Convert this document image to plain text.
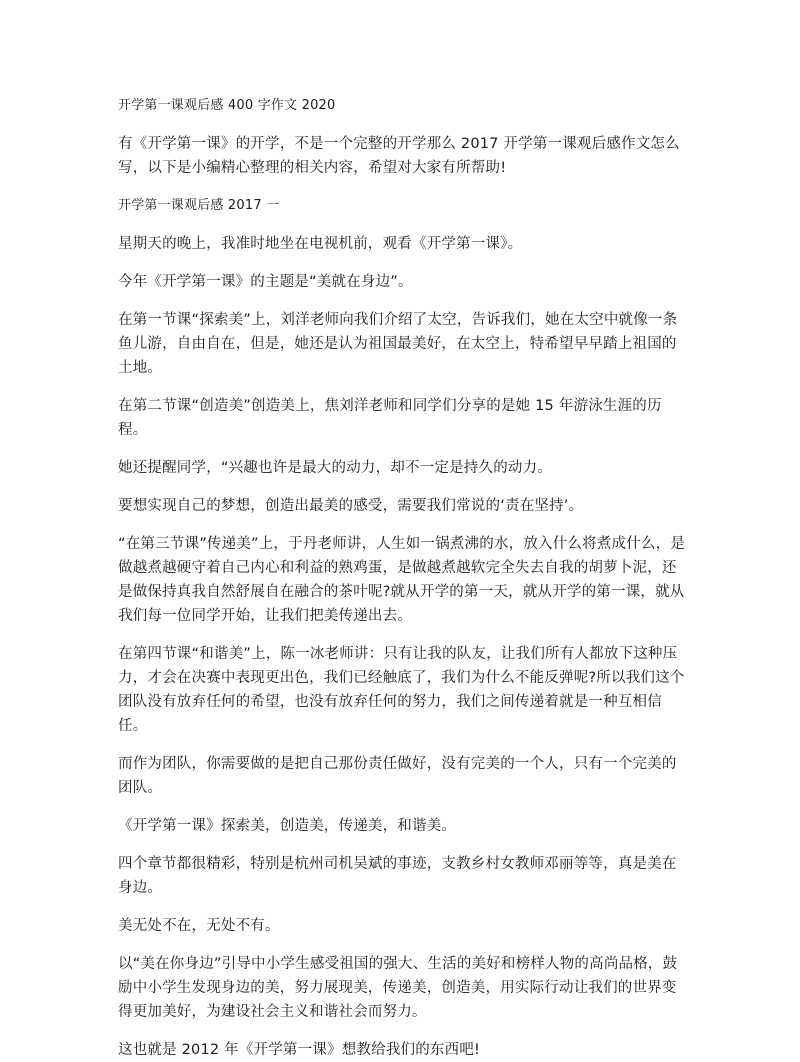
开学第一课观后感 400 字作文 2020

有《开学第一课》的开学，不是一个完整的开学那么 2017 开学第一课观后感作文怎么写，以下是小编精心整理的相关内容，希望对大家有所帮助!

开学第一课观后感 2017 一

星期天的晚上，我准时地坐在电视机前，观看《开学第一课》。

今年《开学第一课》的主题是“美就在身边”。

在第一节课“探索美”上，刘洋老师向我们介绍了太空，告诉我们，她在太空中就像一条鱼儿游，自由自在，但是，她还是认为祖国最美好，在太空上，特希望早早踏上祖国的土地。

在第二节课“创造美”创造美上，焦刘洋老师和同学们分享的是她 15 年游泳生涯的历程。

她还提醒同学，“兴趣也许是最大的动力，却不一定是持久的动力。

要想实现自己的梦想，创造出最美的感受，需要我们常说的‘责在坚持’。

“在第三节课”传递美”上，于丹老师讲，人生如一锅煮沸的水，放入什么将煮成什么，是做越煮越硬守着自己内心和利益的熟鸡蛋，是做越煮越软完全失去自我的胡萝卜泥，还是做保持真我自然舒展自在融合的茶叶呢?就从开学的第一天，就从开学的第一课，就从我们每一位同学开始，让我们把美传递出去。

在第四节课“和谐美”上，陈一冰老师讲：只有让我的队友，让我们所有人都放下这种压力，才会在决赛中表现更出色，我们已经触底了，我们为什么不能反弹呢?所以我们这个团队没有放弃任何的希望，也没有放弃任何的努力，我们之间传递着就是一种互相信任。

而作为团队，你需要做的是把自己那份责任做好，没有完美的一个人，只有一个完美的团队。

《开学第一课》探索美，创造美，传递美，和谐美。

四个章节都很精彩，特别是杭州司机吴斌的事迹，支教乡村女教师邓丽等等，真是美在身边。

美无处不在，无处不有。

以“美在你身边”引导中小学生感受祖国的强大、生活的美好和榜样人物的高尚品格，鼓励中小学生发现身边的美，努力展现美，传递美，创造美，用实际行动让我们的世界变得更加美好，为建设社会主义和谐社会而努力。

这也就是 2012 年《开学第一课》想教给我们的东西吧!
